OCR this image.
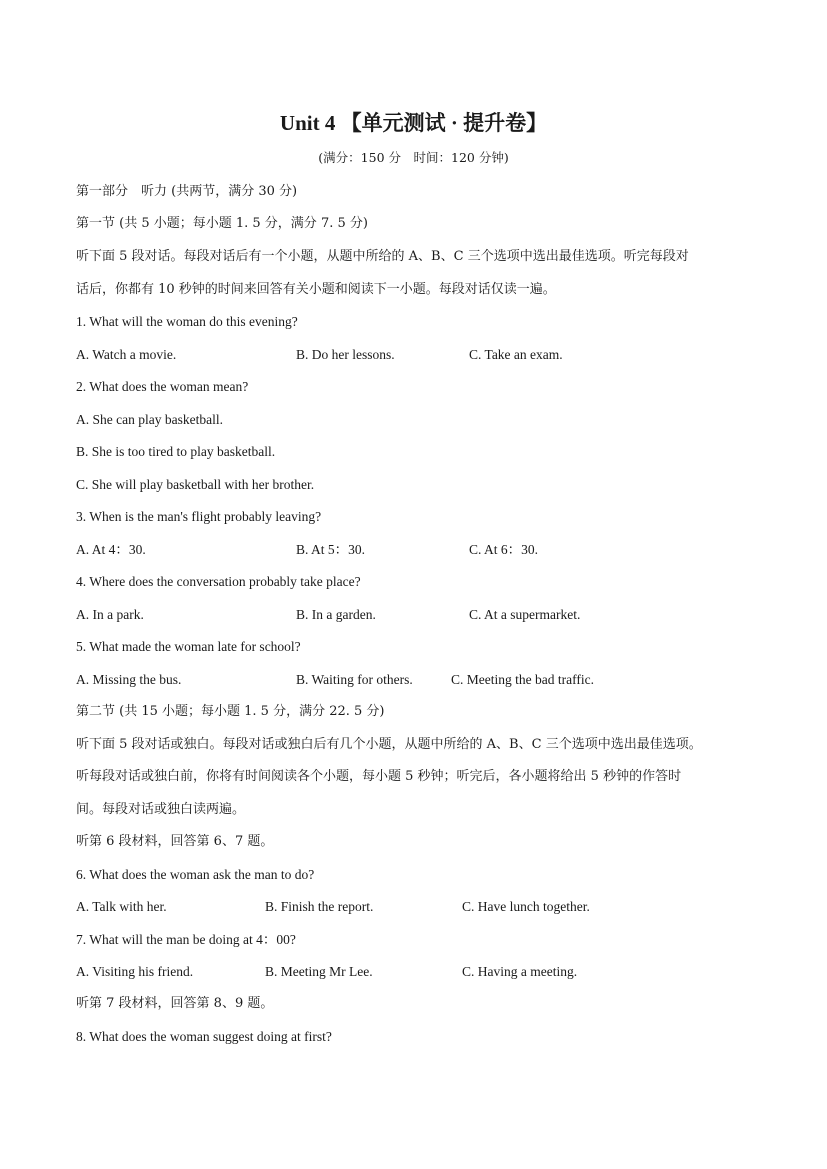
Unit 4 【单元测试 · 提升卷】
(满分：150 分　时间：120 分钟)
第一部分　听力 (共两节，满分 30 分)
第一节 (共 5 小题；每小题 1. 5 分，满分 7. 5 分)
听下面 5 段对话。每段对话后有一个小题，从题中所给的 A、B、C 三个选项中选出最佳选项。听完每段对
话后，你都有 10 秒钟的时间来回答有关小题和阅读下一小题。每段对话仅读一遍。
1. What will the woman do this evening?
A. Watch a movie.	B. Do her lessons.	C. Take an exam.
2. What does the woman mean?
A. She can play basketball.
B. She is too tired to play basketball.
C. She will play basketball with her brother.
3. When is the man's flight probably leaving?
A. At 4：30.	B. At 5：30.	C. At 6：30.
4. Where does the conversation probably take place?
A. In a park.	B. In a garden.	C. At a supermarket.
5. What made the woman late for school?
A. Missing the bus.	B. Waiting for others.	C. Meeting the bad traffic.
第二节 (共 15 小题；每小题 1. 5 分，满分 22. 5 分)
听下面 5 段对话或独白。每段对话或独白后有几个小题，从题中所给的 A、B、C 三个选项中选出最佳选项。
听每段对话或独白前，你将有时间阅读各个小题，每小题 5 秒钟；听完后，各小题将给出 5 秒钟的作答时
间。每段对话或独白读两遍。
听第 6 段材料，回答第 6、7 题。
6. What does the woman ask the man to do?
A. Talk with her.	B. Finish the report.	C. Have lunch together.
7. What will the man be doing at 4：00?
A. Visiting his friend.	B. Meeting Mr Lee.	C. Having a meeting.
听第 7 段材料，回答第 8、9 题。
8. What does the woman suggest doing at first?
